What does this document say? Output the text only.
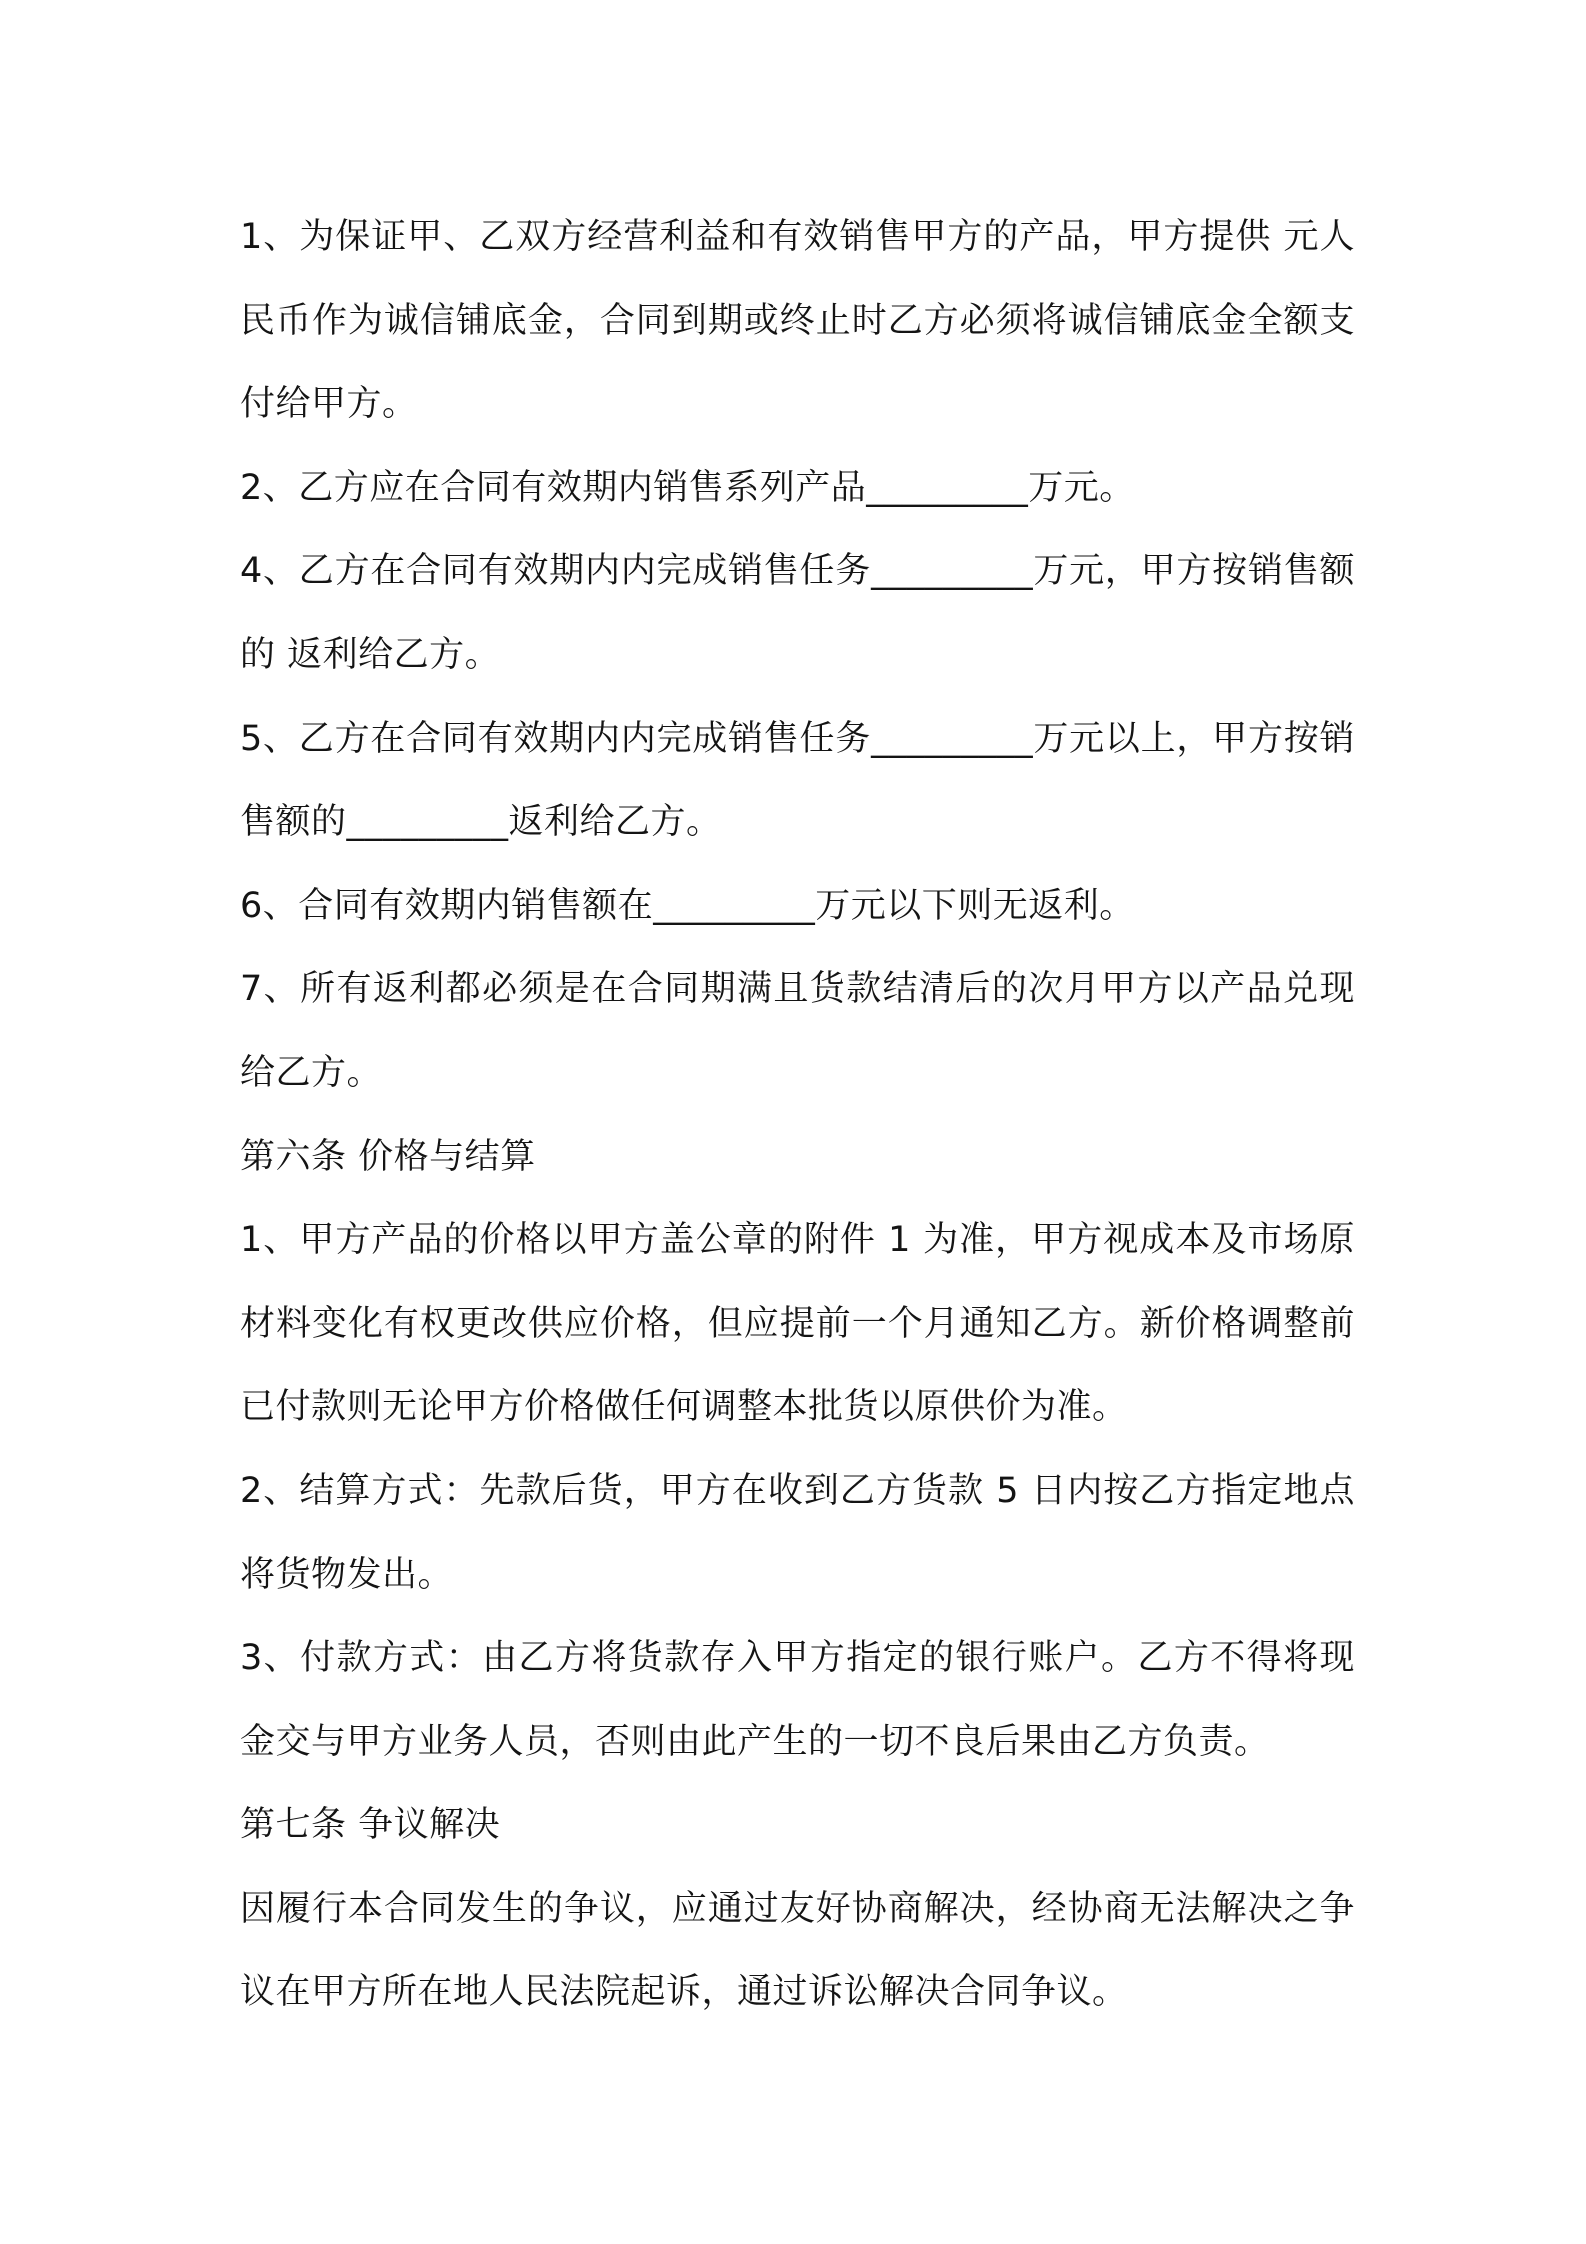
1、为保证甲、乙双方经营利益和有效销售甲方的产品，甲方提供 元人民币作为诚信铺底金，合同到期或终止时乙方必须将诚信铺底金全额支付给甲方。

2、乙方应在合同有效期内销售系列产品_________万元。

4、乙方在合同有效期内内完成销售任务_________万元，甲方按销售额的 返利给乙方。

5、乙方在合同有效期内内完成销售任务_________万元以上，甲方按销售额的_________返利给乙方。

6、合同有效期内销售额在_________万元以下则无返利。

7、所有返利都必须是在合同期满且货款结清后的次月甲方以产品兑现给乙方。

第六条 价格与结算

1、甲方产品的价格以甲方盖公章的附件 1 为准，甲方视成本及市场原材料变化有权更改供应价格，但应提前一个月通知乙方。新价格调整前已付款则无论甲方价格做任何调整本批货以原供价为准。

2、结算方式：先款后货，甲方在收到乙方货款 5 日内按乙方指定地点将货物发出。

3、付款方式：由乙方将货款存入甲方指定的银行账户。乙方不得将现金交与甲方业务人员，否则由此产生的一切不良后果由乙方负责。

第七条 争议解决

因履行本合同发生的争议，应通过友好协商解决，经协商无法解决之争议在甲方所在地人民法院起诉，通过诉讼解决合同争议。
